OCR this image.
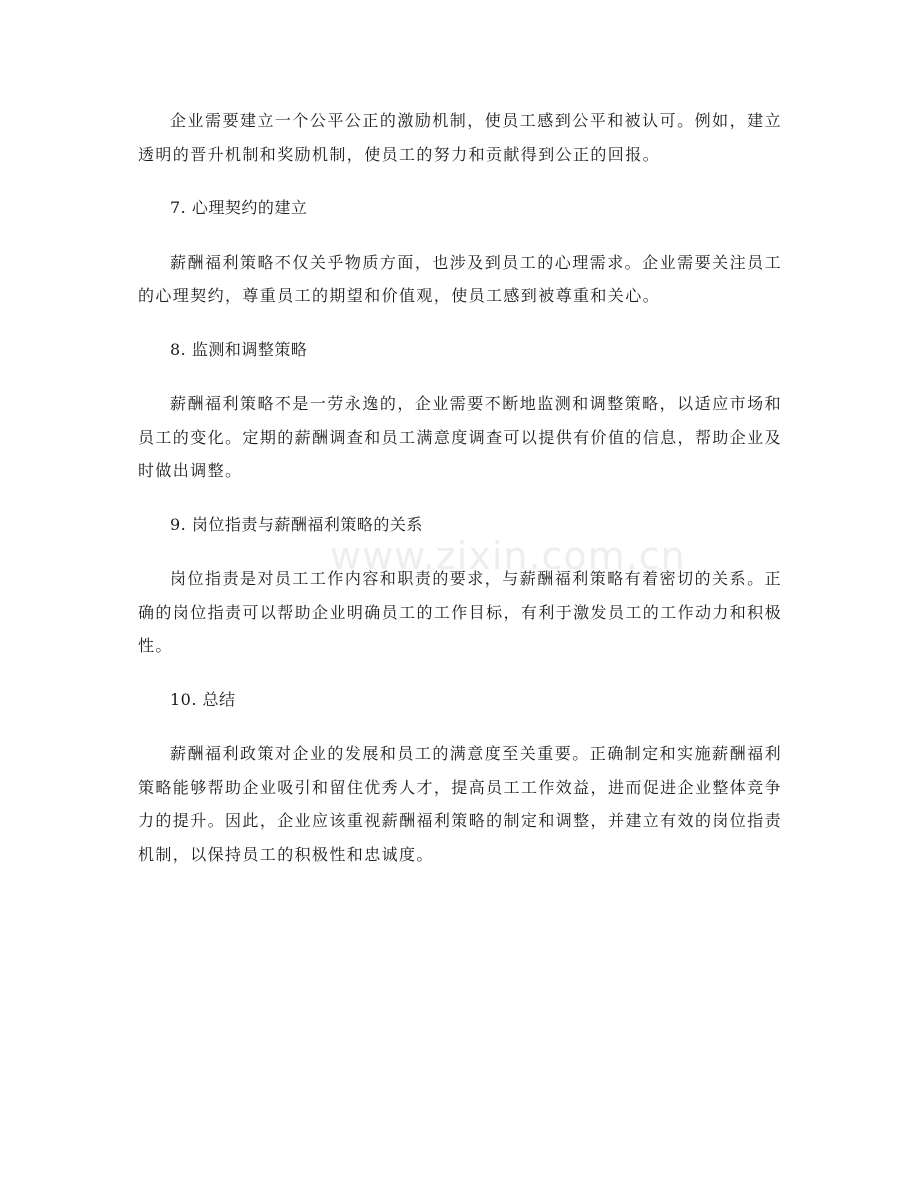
企业需要建立一个公平公正的激励机制，使员工感到公平和被认可。例如，建立透明的晋升机制和奖励机制，使员工的努力和贡献得到公正的回报。

7. 心理契约的建立

薪酬福利策略不仅关乎物质方面，也涉及到员工的心理需求。企业需要关注员工的心理契约，尊重员工的期望和价值观，使员工感到被尊重和关心。

8. 监测和调整策略

薪酬福利策略不是一劳永逸的，企业需要不断地监测和调整策略，以适应市场和员工的变化。定期的薪酬调查和员工满意度调查可以提供有价值的信息，帮助企业及时做出调整。

9. 岗位指责与薪酬福利策略的关系

岗位指责是对员工工作内容和职责的要求，与薪酬福利策略有着密切的关系。正确的岗位指责可以帮助企业明确员工的工作目标，有利于激发员工的工作动力和积极性。

10. 总结

薪酬福利政策对企业的发展和员工的满意度至关重要。正确制定和实施薪酬福利策略能够帮助企业吸引和留住优秀人才，提高员工工作效益，进而促进企业整体竞争力的提升。因此，企业应该重视薪酬福利策略的制定和调整，并建立有效的岗位指责机制，以保持员工的积极性和忠诚度。

www.zixin.com.cn
